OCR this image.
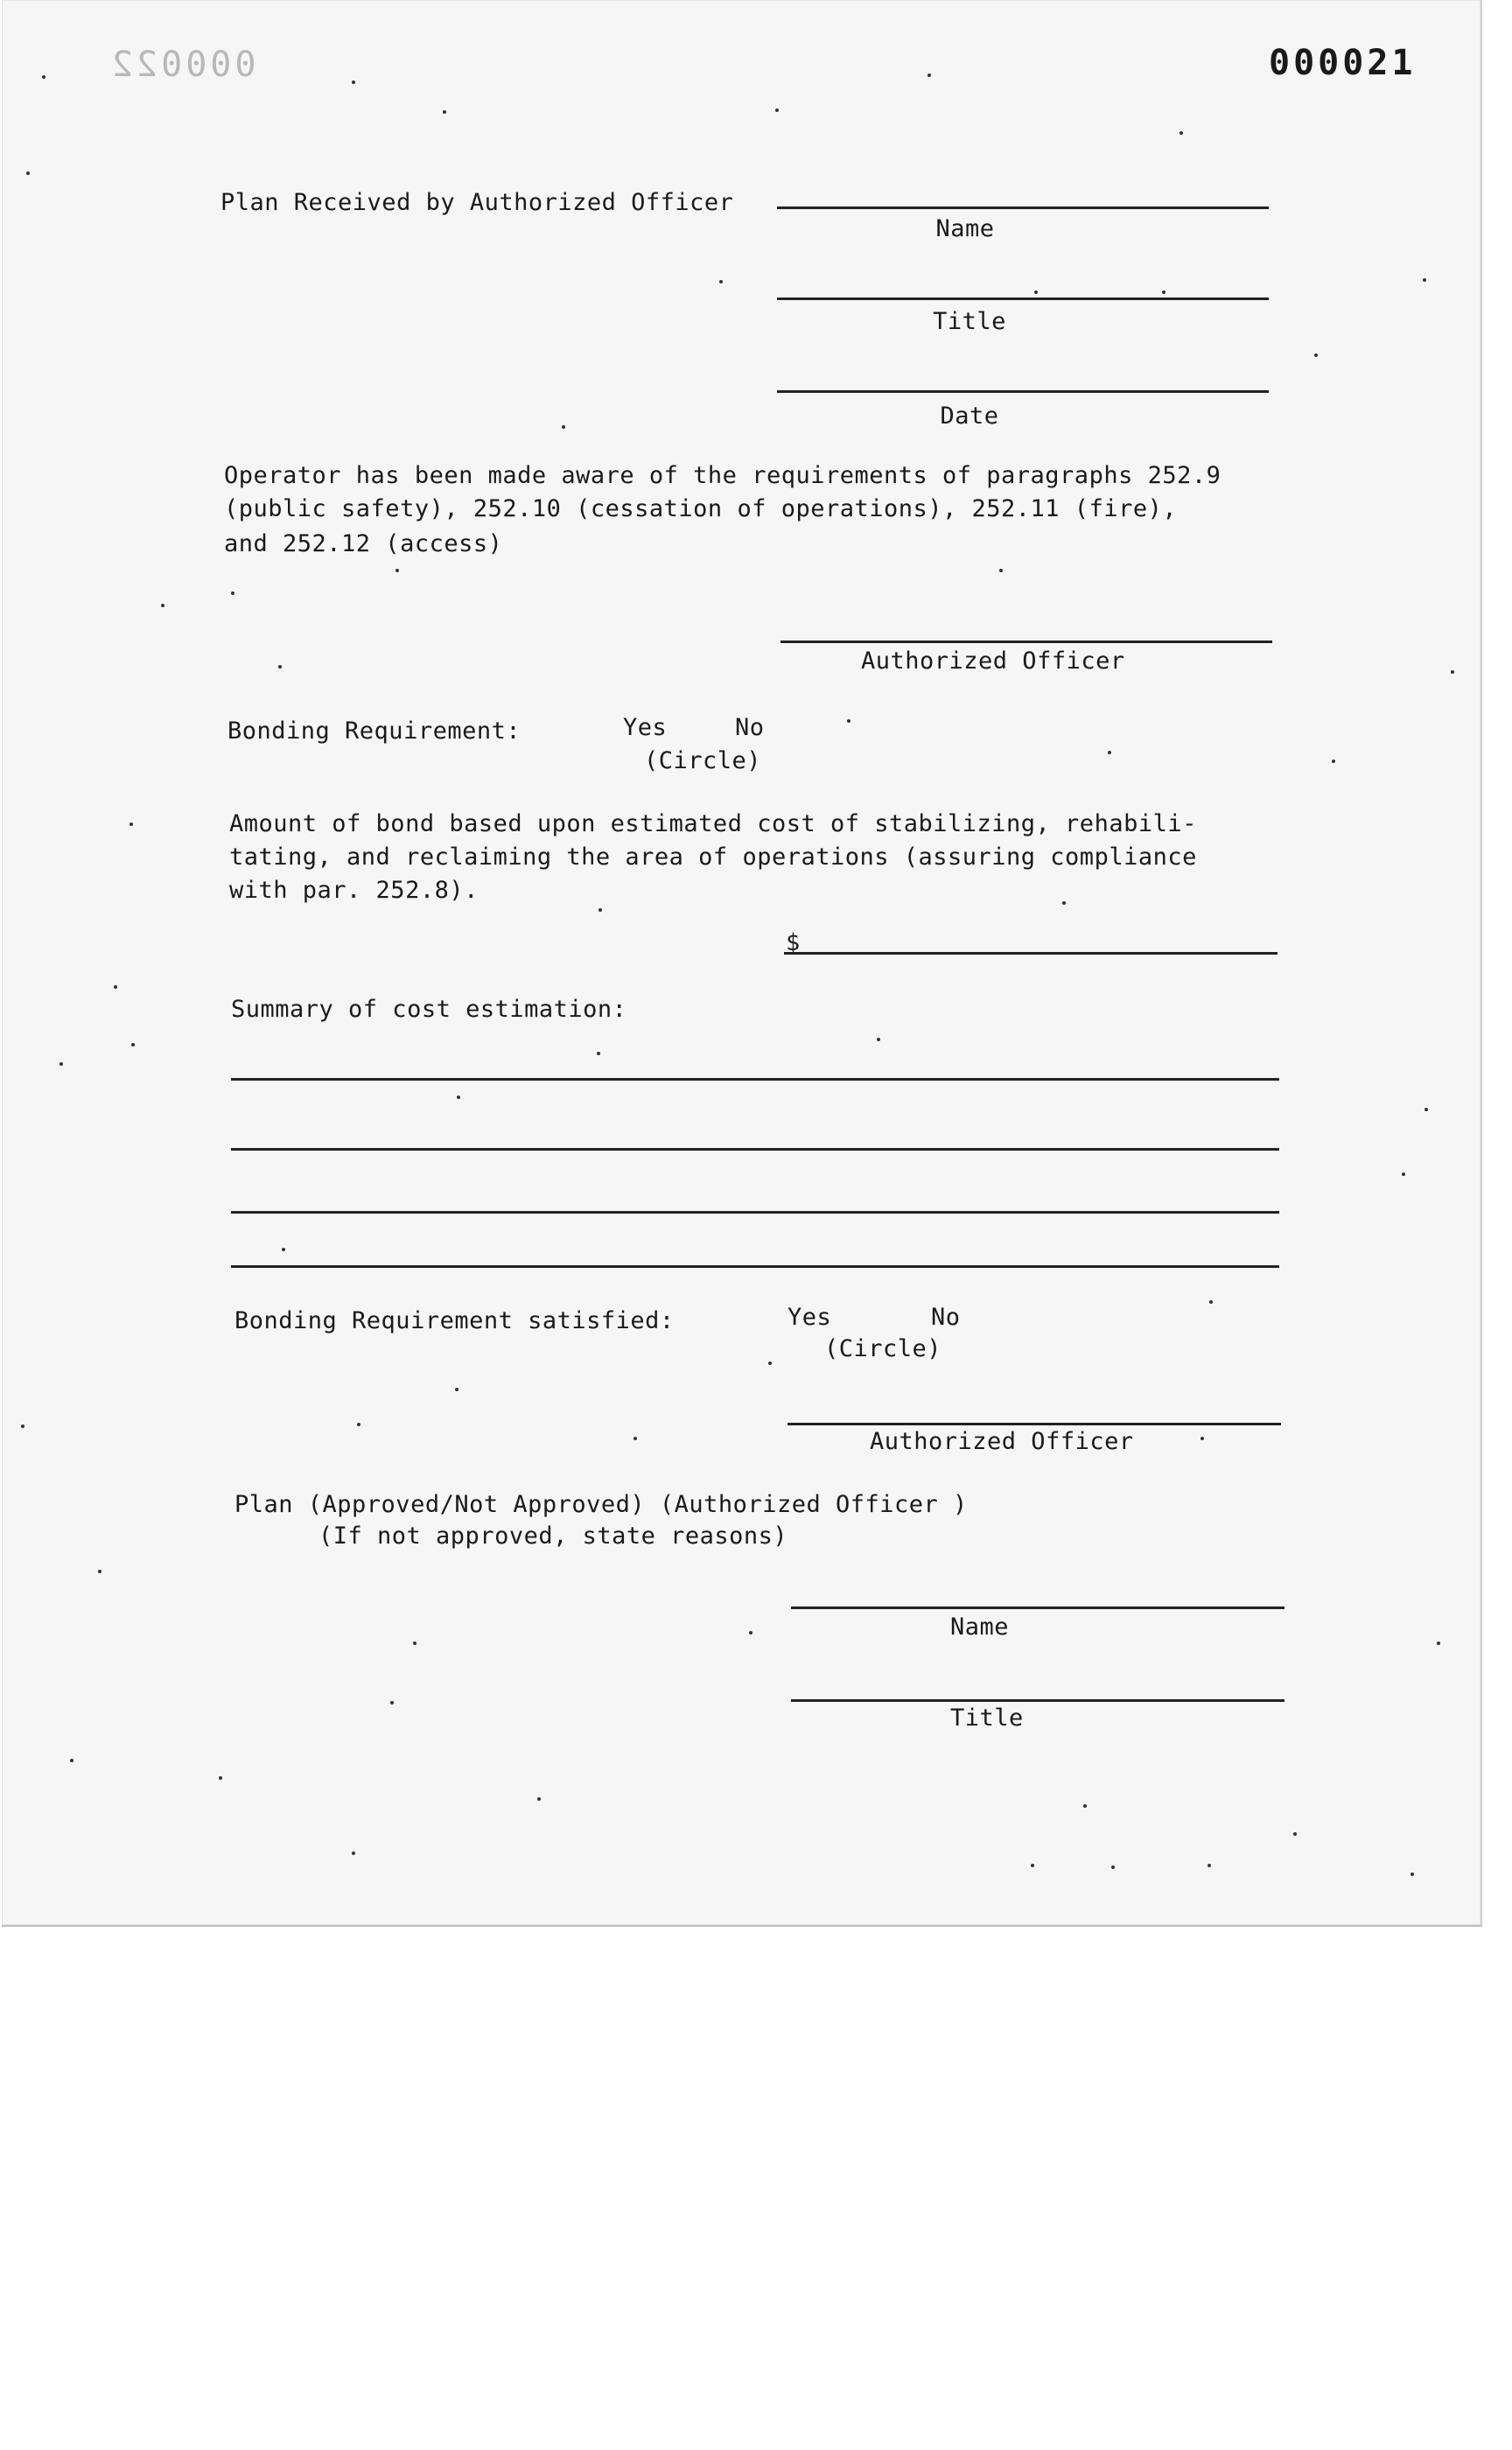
000022	000021
Plan Received by Authorized Officer
Name
Title
Date
Operator has been made aware of the requirements of paragraphs 252.9
(public safety), 252.10 (cessation of operations), 252.11 (fire),
and 252.12 (access)
Authorized Officer
Bonding Requirement:	Yes	No
(Circle)
Amount of bond based upon estimated cost of stabilizing, rehabili-
tating, and reclaiming the area of operations (assuring compliance
with par. 252.8).
$
Summary of cost estimation:
Bonding Requirement satisfied:	Yes	No
(Circle)
Authorized Officer
Plan (Approved/Not Approved) (Authorized Officer )
(If not approved, state reasons)
Name
Title
